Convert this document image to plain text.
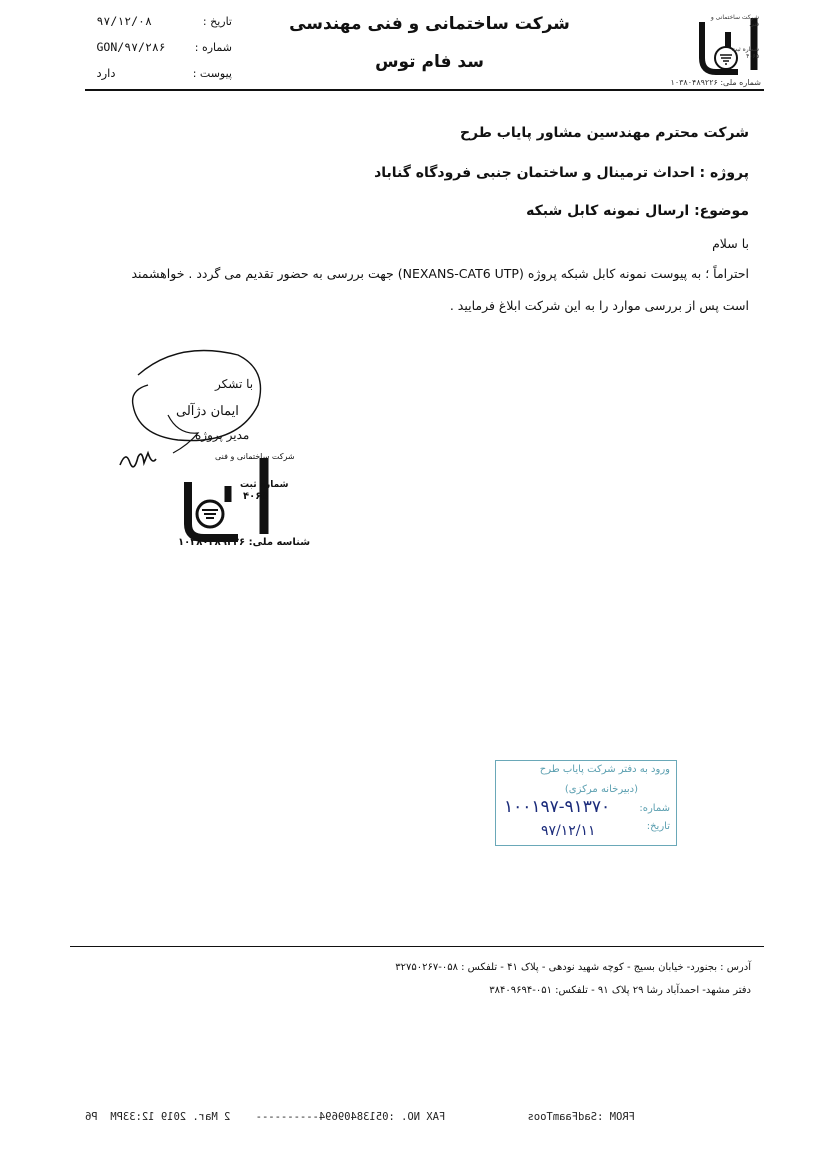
شرکت ساختمانی و فنی مهندسی
سد فام توس
تاریخ : ۹۷/۱۲/۰۸
شماره : GON/۹۷/۲۸۶
پیوست : دارد
شرکت ساختمانی و فنی
شماره ثبت
۴۰۶۵
شماره ملی: ۱۰۳۸۰۴۸۹۲۲۶
شرکت محترم مهندسین مشاور پایاب طرح
پروژه : احداث ترمینال و ساختمان جنبی فرودگاه گناباد
موضوع: ارسال نمونه کابل شبکه
با سلام
احتراماً ؛ به پیوست نمونه کابل شبکه پروژه (NEXANS-CAT6 UTP) جهت بررسی به حضور تقدیم می گردد . خواهشمند
است پس از بررسی موارد را به این شرکت ابلاغ فرمایید .
با تشکر
ایمان دژآلی
مدیر پروژه
شرکت ساختمانی و فنی
شماره ثبت
۴۰۶۵
۱۰۳۸۰۴۸۹۲۲۶ :شناسه ملی
ورود به دفتر شرکت پایاب طرح
(دبیرخانه مرکزی)
شماره:
تاریخ:
۱۰۰۱۹۷-۹۱۳۷۰
۹۷/۱۲/۱۱
آدرس : بجنورد- خیابان بسیج - کوچه شهید نودهی - پلاک ۴۱ - تلفکس : ۰۵۸-۳۲۷۵۰۲۶۷
دفتر مشهد- احمدآباد رشا ۲۹ پلاک ۹۱ - تلفکس: ۰۵۱-۳۸۴۰۹۶۹۴
FROM :SadFaamToos             FAX NO. :05138409694----------    2 Mar. 2019 12:33PM  P6
